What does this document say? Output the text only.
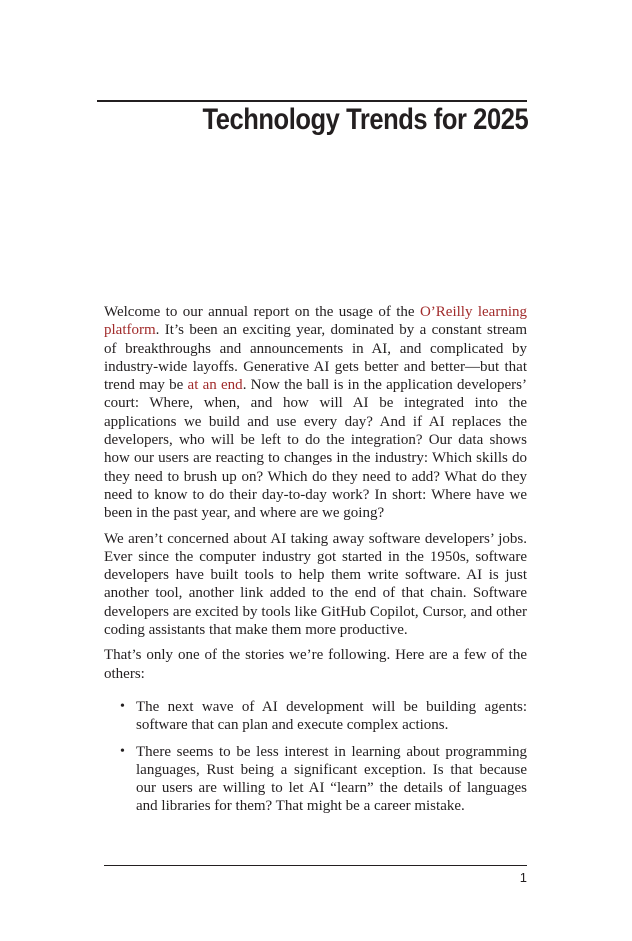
Technology Trends for 2025

Welcome to our annual report on the usage of the O’Reilly learning platform. It’s been an exciting year, dominated by a constant stream of breakthroughs and announcements in AI, and complicated by industry-wide layoffs. Generative AI gets better and better—but that trend may be at an end. Now the ball is in the application developers’ court: Where, when, and how will AI be integrated into the applications we build and use every day? And if AI replaces the developers, who will be left to do the integration? Our data shows how our users are reacting to changes in the industry: Which skills do they need to brush up on? Which do they need to add? What do they need to know to do their day-to-day work? In short: Where have we been in the past year, and where are we going?

We aren’t concerned about AI taking away software developers’ jobs. Ever since the computer industry got started in the 1950s, software developers have built tools to help them write software. AI is just another tool, another link added to the end of that chain. Software developers are excited by tools like GitHub Copilot, Cursor, and other coding assistants that make them more productive.

That’s only one of the stories we’re following. Here are a few of the others:

• The next wave of AI development will be building agents: software that can plan and execute complex actions.
• There seems to be less interest in learning about programming languages, Rust being a significant exception. Is that because our users are willing to let AI “learn” the details of languages and libraries for them? That might be a career mistake.
1
